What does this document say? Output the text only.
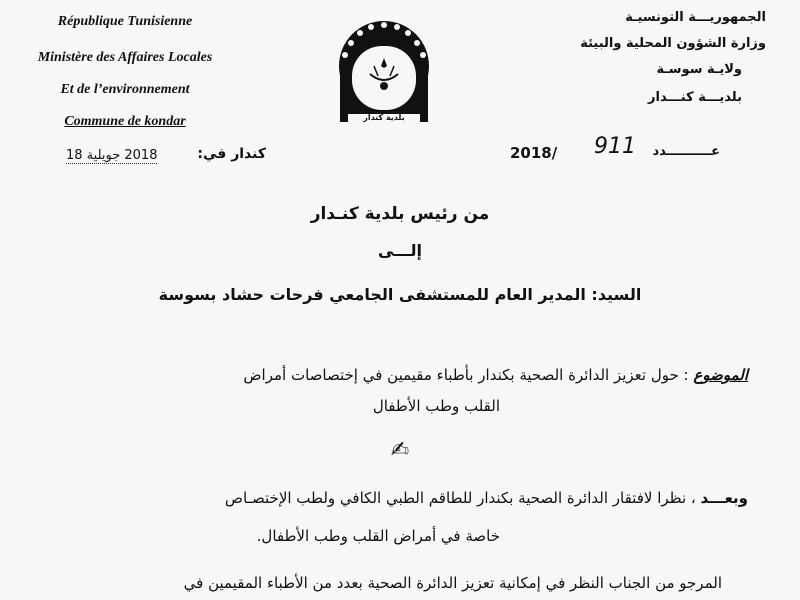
République Tunisienne
Ministère des Affaires Locales
Et de l’environnement
Commune de kondar	بلدية كندار
الجمهوريـــة التونسيـة
وزارة الشؤون المحلية والبيئة
ولايـة سوسـة
بلديـــة كنـــدار
كندار في:
2018 جويلية 18	2018/ 911 عــــــــــدد
من رئيس بلدية كنـدار
إلـــى
السيد: المدير العام للمستشفى الجامعي فرحات حشاد بسوسة
الموضوع : حول تعزيز الدائرة الصحية بكندار بأطباء مقيمين في إختصاصات أمراض
القلب وطب الأطفال
✍
وبعـــد ، نظرا لافتقار الدائرة الصحية بكندار للطاقم الطبي الكافي ولطب الإختصـاص
خاصة في أمراض القلب وطب الأطفال.
المرجو من الجناب النظر في إمكانية تعزيز الدائرة الصحية بعدد من الأطباء المقيمين في
